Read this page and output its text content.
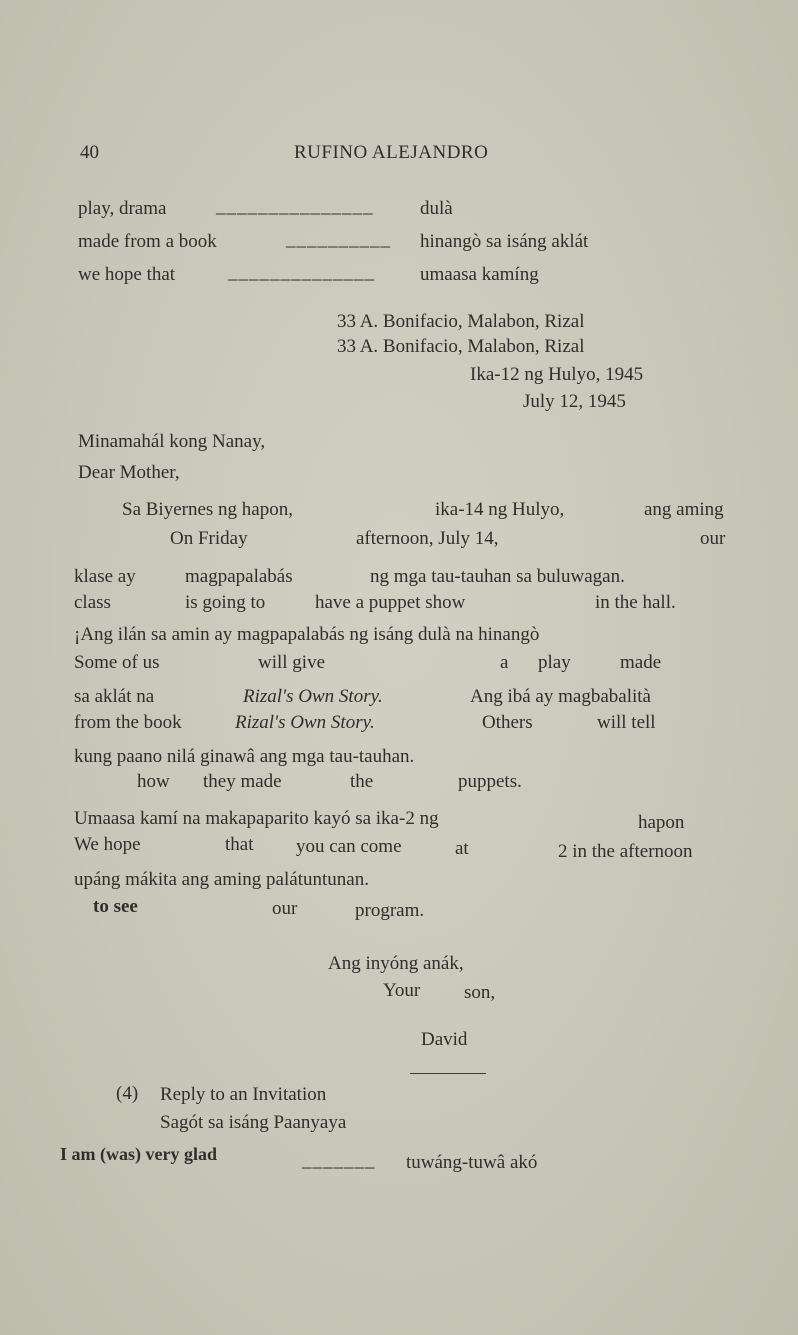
40	RUFINO ALEJANDRO
play, drama	_______________ dulà
made from a book	__________ hinangò sa isáng aklát
we hope that	______________ umaasa kamíng
33 A. Bonifacio, Malabon, Rizal
33 A. Bonifacio, Malabon, Rizal
Ika-12 ng Hulyo, 1945
July 12, 1945
Minamahál kong Nanay,
Dear Mother,
Sa Biyernes ng hapon,	ika-14 ng Hulyo,	ang aming
On Friday	afternoon, July 14,	our
klase ay	magpapalabás	ng mga tau-tauhan sa buluwagan.
class	is going to	have a puppet show	in the hall.
¡Ang ilán sa amin ay magpapalabás ng isáng dulà na hinangò
Some of us	will give	a play	made
sa aklát na	Rizal's Own Story.	Ang ibá ay magbabalità
from the book	Rizal's Own Story.	Others	will tell
kung paano nilá ginawâ ang mga tau-tauhan.
how they made	the	puppets.
Umaasa kamí na makapaparito kayó sa ika-2 ng	hapon
We hope	that you can come	at	2 in the afternoon
upáng mákita ang aming palátuntunan.
to see	our	program.
Ang inyóng anák,
Your son,
David
(4) Reply to an Invitation
Sagót sa isáng Paanyaya
I am (was) very glad	_______ tuwáng-tuwâ akó
